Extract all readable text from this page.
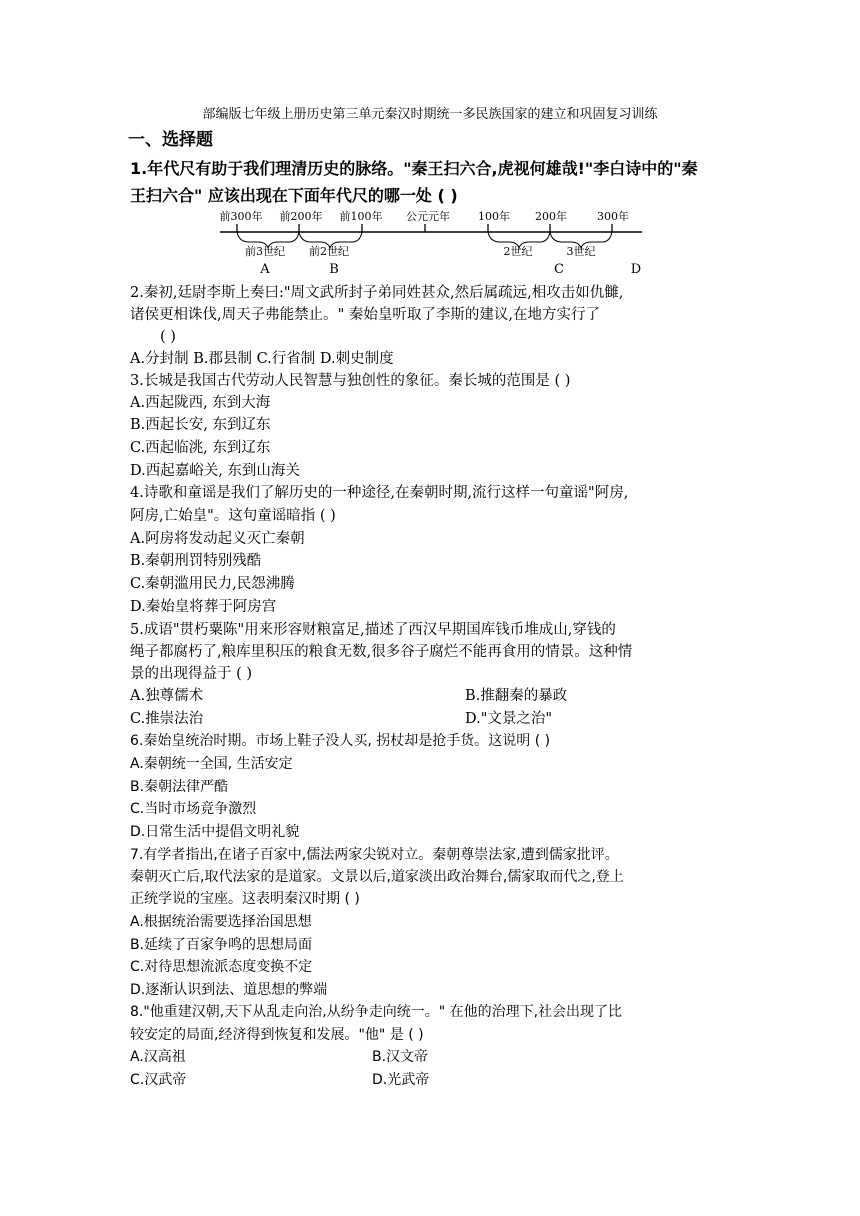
部编版七年级上册历史第三单元秦汉时期统一多民族国家的建立和巩固复习训练
一、选择题
1.年代尺有助于我们理清历史的脉络。"秦王扫六合,虎视何雄哉!"李白诗中的"秦
王扫六合" 应该出现在下面年代尺的哪一处 ( )
前300年 前200年 前100年 公元元年	100年 200年	300年
前3世纪 前2世纪	2世纪	3世纪
A	B	C	D
2.秦初,廷尉李斯上奏曰:"周文武所封子弟同姓甚众,然后属疏远,相攻击如仇雠,
诸侯更相诛伐,周天子弗能禁止。" 秦始皇听取了李斯的建议,在地方实行了
( )
A.分封制 B.郡县制 C.行省制 D.刺史制度
3.长城是我国古代劳动人民智慧与独创性的象征。秦长城的范围是 ( )
A.西起陇西, 东到大海
B.西起长安, 东到辽东
C.西起临洮, 东到辽东
D.西起嘉峪关, 东到山海关
4.诗歌和童谣是我们了解历史的一种途径,在秦朝时期,流行这样一句童谣"阿房,
阿房,亡始皇"。这句童谣暗指 ( )
A.阿房将发动起义灭亡秦朝
B.秦朝刑罚特别残酷
C.秦朝滥用民力,民怨沸腾
D.秦始皇将葬于阿房宫
5.成语"贯朽粟陈"用来形容财粮富足,描述了西汉早期国库钱币堆成山,穿钱的
绳子都腐朽了,粮库里积压的粮食无数,很多谷子腐烂不能再食用的情景。这种情
景的出现得益于 ( )
A.独尊儒术	B.推翻秦的暴政
C.推崇法治	D."文景之治"
6.秦始皇统治时期。市场上鞋子没人买, 拐杖却是抢手货。这说明 ( )
A.秦朝统一全国, 生活安定
B.秦朝法律严酷
C.当时市场竞争激烈
D.日常生活中提倡文明礼貌
7.有学者指出,在诸子百家中,儒法两家尖锐对立。秦朝尊崇法家,遭到儒家批评。
秦朝灭亡后,取代法家的是道家。文景以后,道家淡出政治舞台,儒家取而代之,登上
正统学说的宝座。这表明秦汉时期 ( )
A.根据统治需要选择治国思想
B.延续了百家争鸣的思想局面
C.对待思想流派态度变换不定
D.逐渐认识到法、道思想的弊端
8."他重建汉朝,天下从乱走向治,从纷争走向统一。" 在他的治理下,社会出现了比
较安定的局面,经济得到恢复和发展。"他" 是 ( )
A.汉高祖	B.汉文帝
C.汉武帝	D.光武帝
